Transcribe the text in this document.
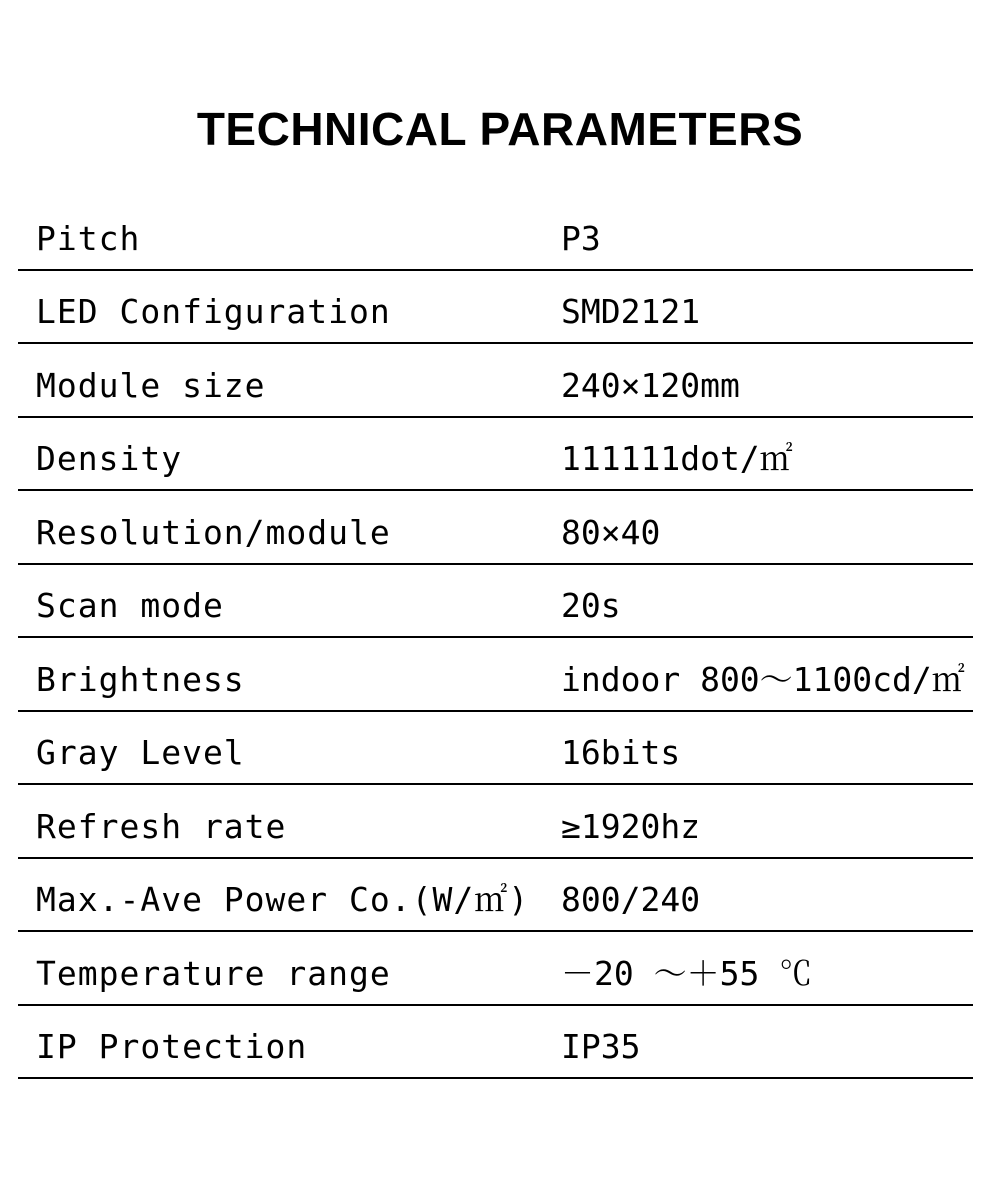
TECHNICAL PARAMETERS
Pitch	P3
LED Configuration	SMD2121
Module size	240×120mm
Density	111111dot/㎡
Resolution/module	80×40
Scan mode	20s
Brightness	indoor 800～1100cd/㎡
Gray Level	16bits
Refresh rate	≥1920hz
Max.-Ave Power Co.(W/㎡) 800/240
Temperature range	－20 ～＋55 ℃
IP Protection	IP35
